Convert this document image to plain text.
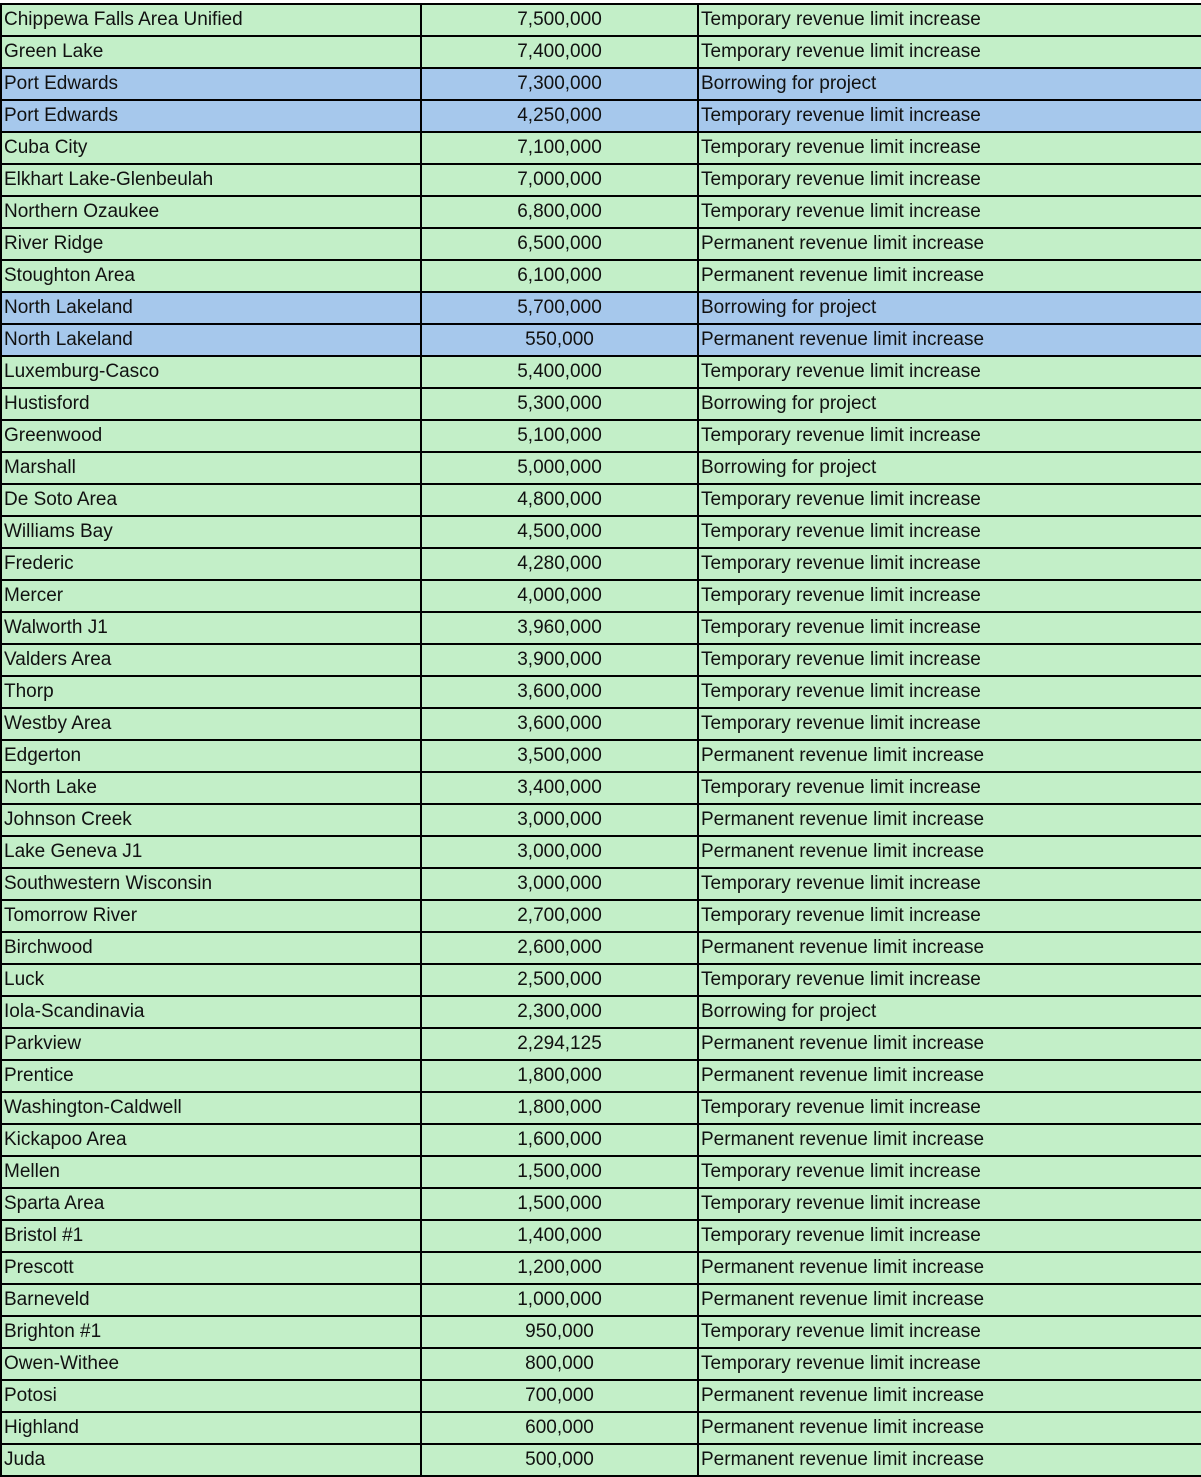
Chippewa Falls Area Unified	7,500,000	Temporary revenue limit increase
Green Lake	7,400,000	Temporary revenue limit increase
Port Edwards	7,300,000	Borrowing for project
Port Edwards	4,250,000	Temporary revenue limit increase
Cuba City	7,100,000	Temporary revenue limit increase
Elkhart Lake-Glenbeulah	7,000,000	Temporary revenue limit increase
Northern Ozaukee	6,800,000	Temporary revenue limit increase
River Ridge	6,500,000	Permanent revenue limit increase
Stoughton Area	6,100,000	Permanent revenue limit increase
North Lakeland	5,700,000	Borrowing for project
North Lakeland	550,000	Permanent revenue limit increase
Luxemburg-Casco	5,400,000	Temporary revenue limit increase
Hustisford	5,300,000	Borrowing for project
Greenwood	5,100,000	Temporary revenue limit increase
Marshall	5,000,000	Borrowing for project
De Soto Area	4,800,000	Temporary revenue limit increase
Williams Bay	4,500,000	Temporary revenue limit increase
Frederic	4,280,000	Temporary revenue limit increase
Mercer	4,000,000	Temporary revenue limit increase
Walworth J1	3,960,000	Temporary revenue limit increase
Valders Area	3,900,000	Temporary revenue limit increase
Thorp	3,600,000	Temporary revenue limit increase
Westby Area	3,600,000	Temporary revenue limit increase
Edgerton	3,500,000	Permanent revenue limit increase
North Lake	3,400,000	Temporary revenue limit increase
Johnson Creek	3,000,000	Permanent revenue limit increase
Lake Geneva J1	3,000,000	Permanent revenue limit increase
Southwestern Wisconsin	3,000,000	Temporary revenue limit increase
Tomorrow River	2,700,000	Temporary revenue limit increase
Birchwood	2,600,000	Permanent revenue limit increase
Luck	2,500,000	Temporary revenue limit increase
Iola-Scandinavia	2,300,000	Borrowing for project
Parkview	2,294,125	Permanent revenue limit increase
Prentice	1,800,000	Permanent revenue limit increase
Washington-Caldwell	1,800,000	Temporary revenue limit increase
Kickapoo Area	1,600,000	Permanent revenue limit increase
Mellen	1,500,000	Temporary revenue limit increase
Sparta Area	1,500,000	Temporary revenue limit increase
Bristol #1	1,400,000	Temporary revenue limit increase
Prescott	1,200,000	Permanent revenue limit increase
Barneveld	1,000,000	Permanent revenue limit increase
Brighton #1	950,000	Temporary revenue limit increase
Owen-Withee	800,000	Temporary revenue limit increase
Potosi	700,000	Permanent revenue limit increase
Highland	600,000	Permanent revenue limit increase
Juda	500,000	Permanent revenue limit increase
